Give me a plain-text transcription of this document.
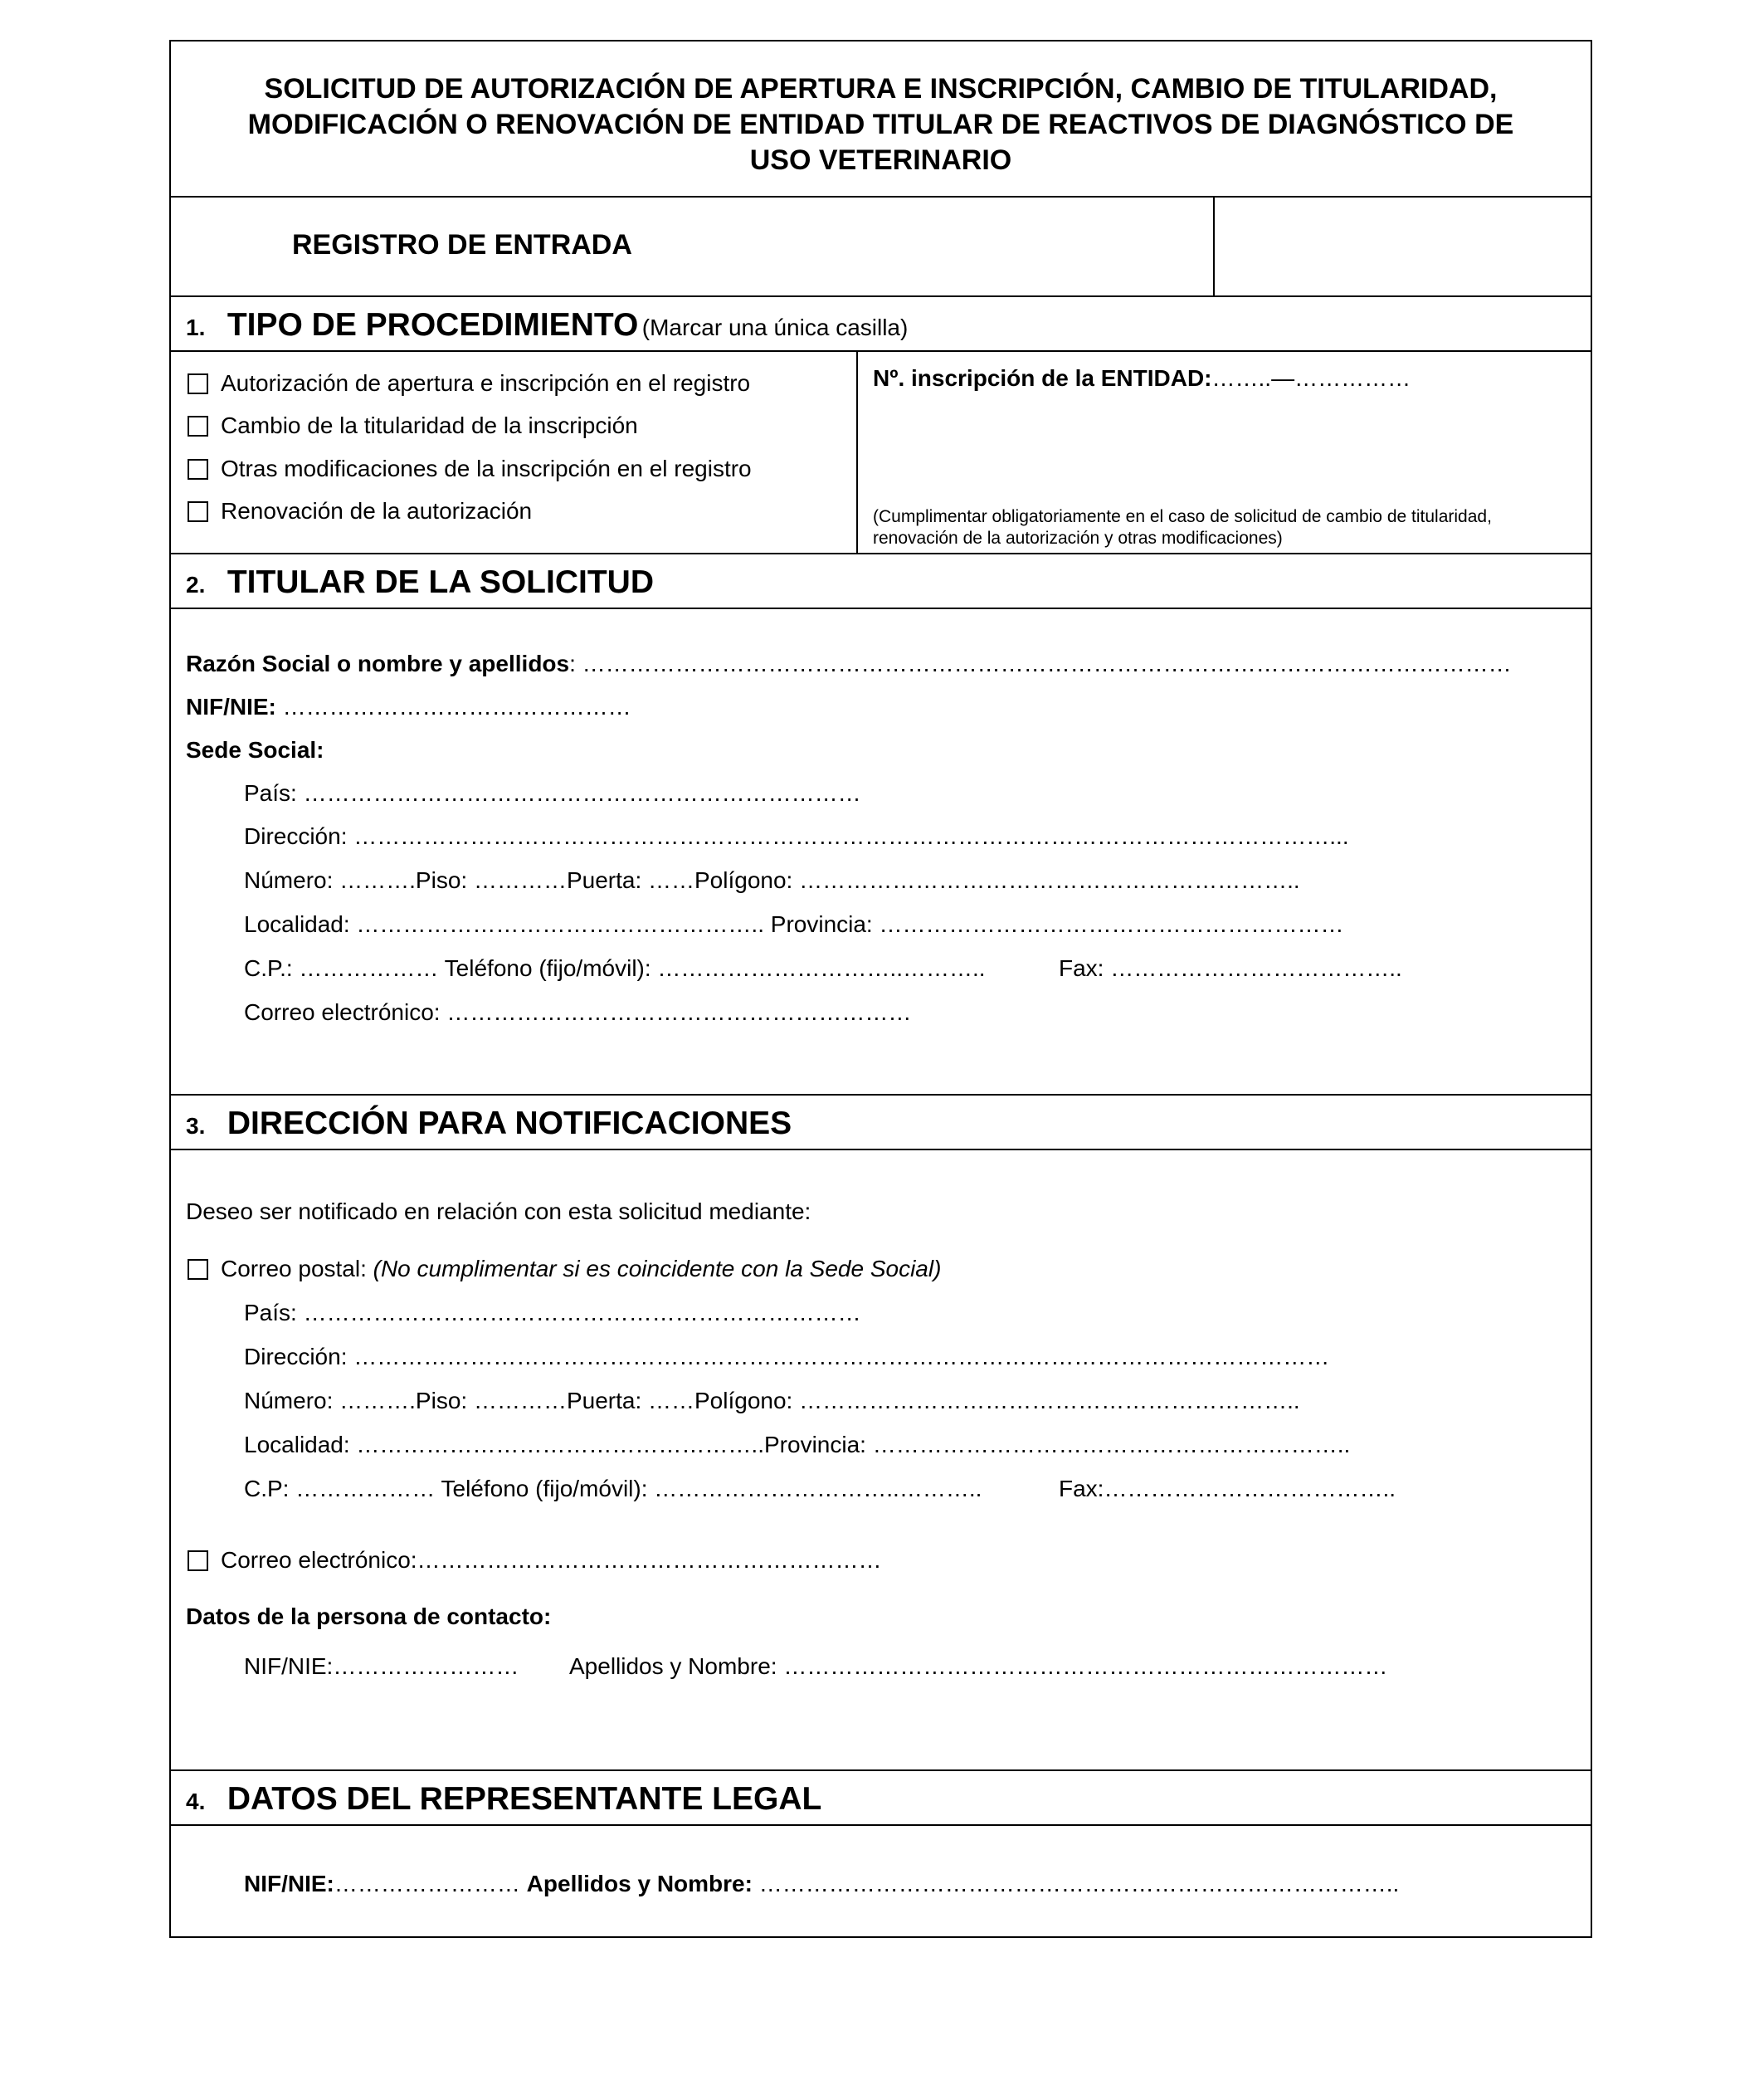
SOLICITUD DE AUTORIZACIÓN DE APERTURA E INSCRIPCIÓN, CAMBIO DE TITULARIDAD,
MODIFICACIÓN O RENOVACIÓN DE ENTIDAD TITULAR DE REACTIVOS DE DIAGNÓSTICO DE
USO VETERINARIO
REGISTRO DE ENTRADA
1. TIPO DE PROCEDIMIENTO (Marcar una única casilla)
Autorización de apertura e inscripción en el registro
Cambio de la titularidad de la inscripción
Otras modificaciones de la inscripción en el registro
Renovación de la autorización
Nº. inscripción de la ENTIDAD:……..—……………
(Cumplimentar obligatoriamente en el caso de solicitud de cambio de titularidad,
renovación de la autorización y otras modificaciones)
2. TITULAR DE LA SOLICITUD
Razón Social o nombre y apellidos: …………………………………………………………………………………………………………
NIF/NIE: ………………………………………
Sede Social:
País: ………………………………………………………………
Dirección: ………………………………………………………………………………………………………………...
Número: ……….Piso: …………Puerta: ……Polígono: ………………………………………………………..
Localidad: …………………………………………….. Provincia: ……………………………………………………
C.P.: ……………… Teléfono (fijo/móvil): …………………………..………..	Fax: ………………………………..
Correo electrónico: ……………………………………………………
3. DIRECCIÓN PARA NOTIFICACIONES
Deseo ser notificado en relación con esta solicitud mediante:
Correo postal: (No cumplimentar si es coincidente con la Sede Social)
País: ………………………………………………………………
Dirección: ………………………………………………………………………………………………………………
Número: ……….Piso: …………Puerta: ……Polígono: ………………………………………………………..
Localidad: ……………………………………………..Provincia: ……………………………………………………..
C.P: ……………… Teléfono (fijo/móvil): …………………………..………..	Fax:………………………………..
Correo electrónico:……………………………………………………
Datos de la persona de contacto:
NIF/NIE:…………………… Apellidos y Nombre: ……………………………………………………………………
4. DATOS DEL REPRESENTANTE LEGAL
NIF/NIE:…………………… Apellidos y Nombre: ………………………………………………………………………..
